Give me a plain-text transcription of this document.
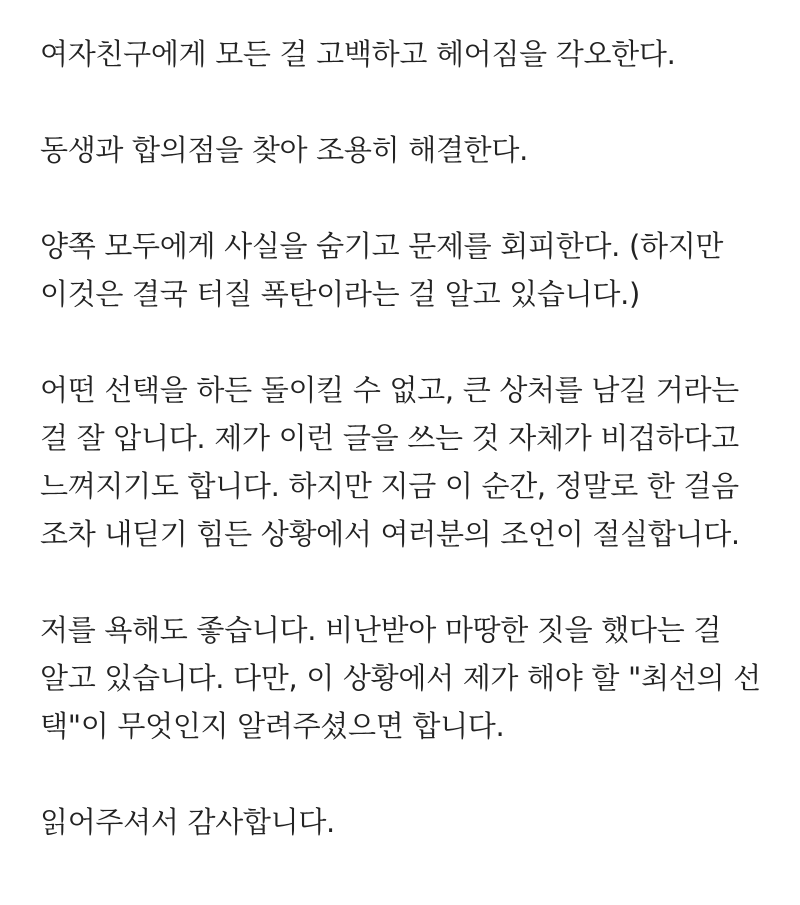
여자친구에게 모든 걸 고백하고 헤어짐을 각오한다.

동생과 합의점을 찾아 조용히 해결한다.

양쪽 모두에게 사실을 숨기고 문제를 회피한다. (하지만
이것은 결국 터질 폭탄이라는 걸 알고 있습니다.)

어떤 선택을 하든 돌이킬 수 없고, 큰 상처를 남길 거라는
걸 잘 압니다. 제가 이런 글을 쓰는 것 자체가 비겁하다고
느껴지기도 합니다. 하지만 지금 이 순간, 정말로 한 걸음
조차 내딛기 힘든 상황에서 여러분의 조언이 절실합니다.

저를 욕해도 좋습니다. 비난받아 마땅한 짓을 했다는 걸
알고 있습니다. 다만, 이 상황에서 제가 해야 할 "최선의 선
택"이 무엇인지 알려주셨으면 합니다.

읽어주셔서 감사합니다.
